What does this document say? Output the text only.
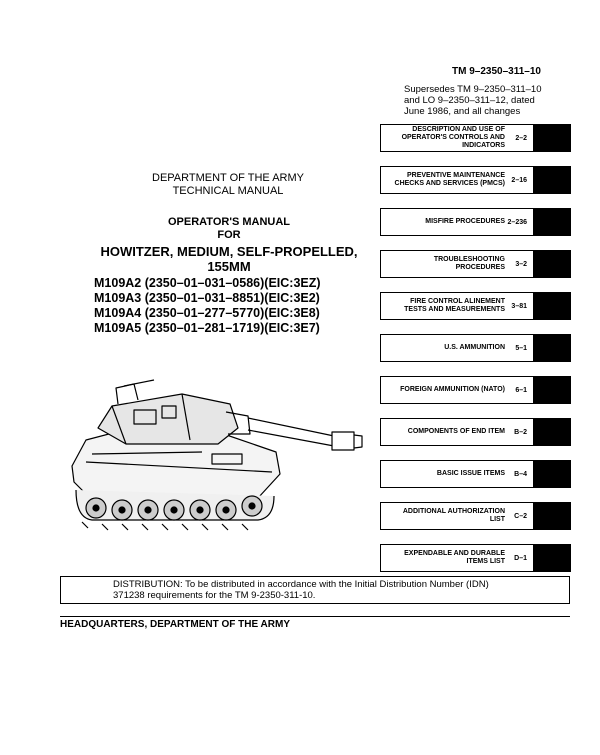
TM 9–2350–311–10
Supersedes TM 9–2350–311–10
and LO 9–2350–311–12, dated
June 1986, and all changes
DEPARTMENT OF THE ARMY
TECHNICAL MANUAL
OPERATOR'S MANUAL
FOR
HOWITZER, MEDIUM, SELF-PROPELLED,
155MM
M109A2 (2350–01–031–0586)(EIC:3EZ)
M109A3 (2350–01–031–8851)(EIC:3E2)
M109A4 (2350–01–277–5770)(EIC:3E8)
M109A5 (2350–01–281–1719)(EIC:3E7)
DESCRIPTION AND USE OF OPERATOR'S CONTROLS AND INDICATORS
2–2
PREVENTIVE MAINTENANCE CHECKS AND SERVICES (PMCS) 2–16
MISFIRE PROCEDURES 2–236
TROUBLESHOOTING PROCEDURES 3–2
FIRE CONTROL ALINEMENT TESTS AND MEASUREMENTS 3–81
U.S. AMMUNITION 5–1
FOREIGN AMMUNITION (NATO) 6–1
COMPONENTS OF END ITEM B–2
BASIC ISSUE ITEMS B–4
ADDITIONAL AUTHORIZATION LIST C–2
EXPENDABLE AND DURABLE ITEMS LIST D–1
DISTRIBUTION: To be distributed in accordance with the Initial Distribution Number (IDN)
371238 requirements for the TM 9-2350-311-10.
HEADQUARTERS, DEPARTMENT OF THE ARMY
